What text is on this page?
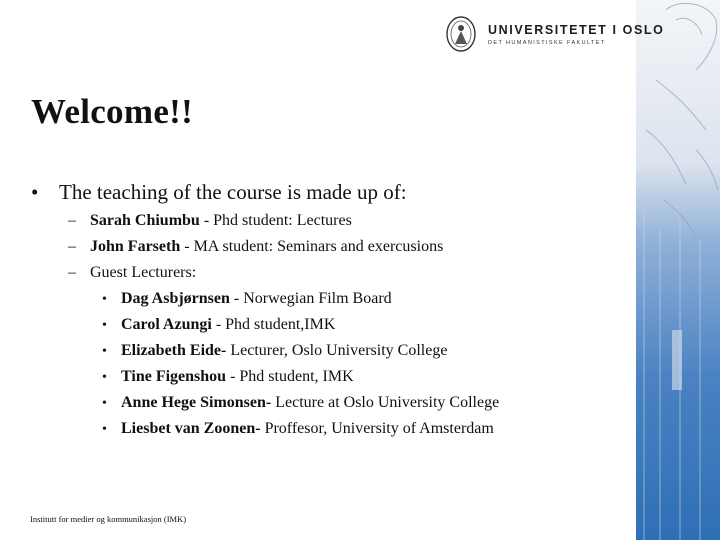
UNIVERSITETET I OSLO
DET HUMANISTISKE FAKULTET
Welcome!!
• The teaching of the course is made up of:
– Sarah Chiumbu - Phd student: Lectures
– John Farseth - MA student: Seminars and exercusions
– Guest Lecturers:
• Dag Asbjørnsen - Norwegian Film Board
• Carol Azungi - Phd student,IMK
• Elizabeth Eide- Lecturer, Oslo University College
• Tine Figenshou - Phd student, IMK
• Anne Hege Simonsen- Lecture at Oslo University College
• Liesbet van Zoonen- Proffesor, University of Amsterdam
Institutt for medier og kommunikasjon (IMK)
